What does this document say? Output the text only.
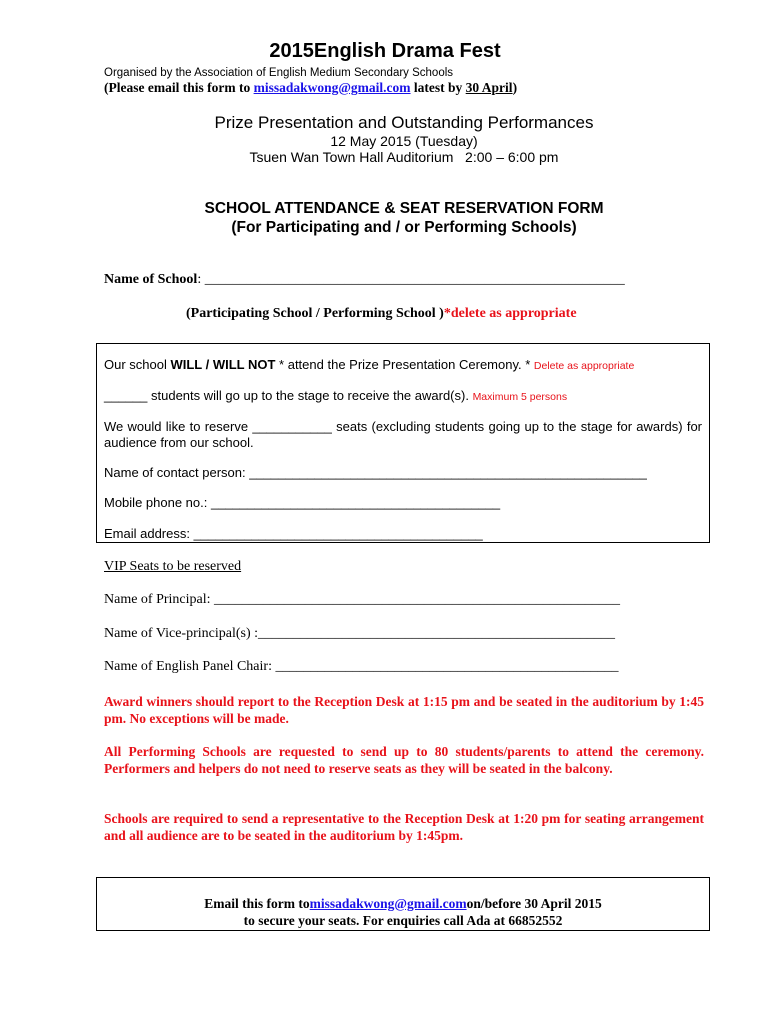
2015English Drama Fest
Organised by the Association of English Medium Secondary Schools
(Please email this form to missadakwong@gmail.com latest by 30 April)
Prize Presentation and Outstanding Performances
12 May 2015 (Tuesday)
Tsuen Wan Town Hall Auditorium   2:00 – 6:00 pm
SCHOOL ATTENDANCE & SEAT RESERVATION FORM
(For Participating and / or Performing Schools)
Name of School: ____________________________________________________________
(Participating School / Performing School )*delete as appropriate
Our school WILL / WILL NOT * attend the Prize Presentation Ceremony. * Delete as appropriate
______ students will go up to the stage to receive the award(s). Maximum 5 persons
We would like to reserve ___________ seats (excluding students going up to the stage for awards) for audience from our school.
Name of contact person: _______________________________________________________
Mobile phone no.: ________________________________________
Email address: ________________________________________
VIP Seats to be reserved
Name of Principal: __________________________________________________________
Name of Vice-principal(s) :___________________________________________________
Name of English Panel Chair: _________________________________________________
Award winners should report to the Reception Desk at 1:15 pm and be seated in the auditorium by 1:45 pm. No exceptions will be made.
All Performing Schools are requested to send up to 80 students/parents to attend the ceremony. Performers and helpers do not need to reserve seats as they will be seated in the balcony.
Schools are required to send a representative to the Reception Desk at 1:20 pm for seating arrangement and all audience are to be seated in the auditorium by 1:45pm.
Email this form tomissadakwong@gmail.comon/before 30 April 2015
to secure your seats. For enquiries call Ada at 66852552
